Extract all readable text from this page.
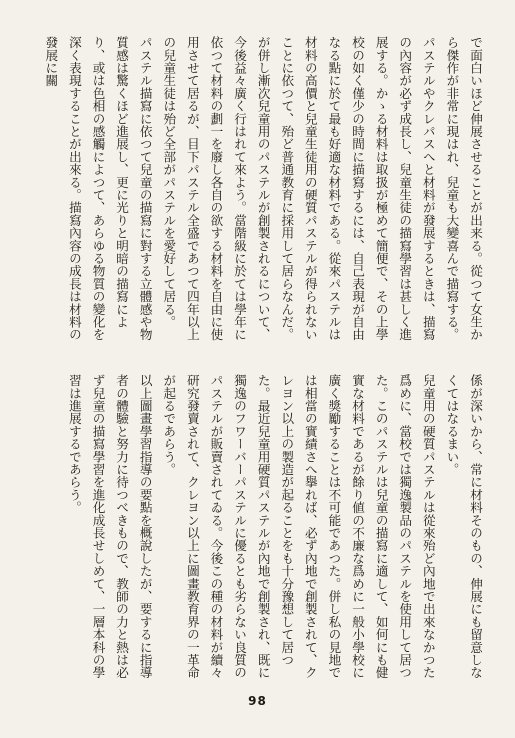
で面白いほど伸展させることが出来る。從つて女生から傑作が非常に現はれ、兒童も大變喜んで描寫する。

パステルやクレパスへと材料が發展するときは、描寫の內容が必ず成長し、兒童生徒の描寫學習は甚しく進展する。かゝる材料は取扱が極めて簡便で、その上學校の如く僅少の時間に描寫するには、自己表現が自由なる點に於て最も好適な材料である。從來パステルは材料の高價と兒童生徒用の硬質パステルが得られないことに依つて、殆ど普通教育に採用して居らなんだ。が併し漸次兒童用のパステルが創製されるについて、今後益々廣く行はれて來よう。當階級に於ては學年に依つて材料の劃一を廢し各自の欲する材料を自由に使用させて居るが、目下パステル全盛であつて四年以上の兒童生徒は殆ど全部がパステルを愛好して居る。

パステル描寫に依つて兒童の描寫に對する立體感や物質感は驚くほど進展し、更に光りと明暗の描寫により、或は色相の感觸によつて、あらゆる物質の變化を深く表現することが出來る。描寫內容の成長は材料の發展に關

係が深いから、常に材料そのもの、伸展にも留意しなくてはなるまい。

兒童用の硬質パステルは從來殆ど內地で出來なかつた爲めに、當校では獨逸製品のパステルを使用して居つた。このパステルは兒童の描寫に適して、如何にも健實な材料であるが餘り値の不廉な爲めに一般小學校に廣く獎勵することは不可能であつた。併し私の見地では相當の實績さへ擧れば、必ず內地で創製されて、クレヨン以上の製造が起ることをも十分豫想して居つた。最近兒童用硬質パステルが內地で創製され、既に獨逸のフワーバーパステルに優るとも劣らない良質のパステルが販賣されてゐる。今後この種の材料が續々研究發賣されて、クレヨン以上に圖畫教育界の一革命が起るであらう。

以上圖畫學習指導の要點を概說したが、要するに指導者の體驗と努力に待つべきもので、教師の力と熱は必ず兒童の描寫學習を進化成長せしめて、一層本科の學習は進展するであらう。

98
